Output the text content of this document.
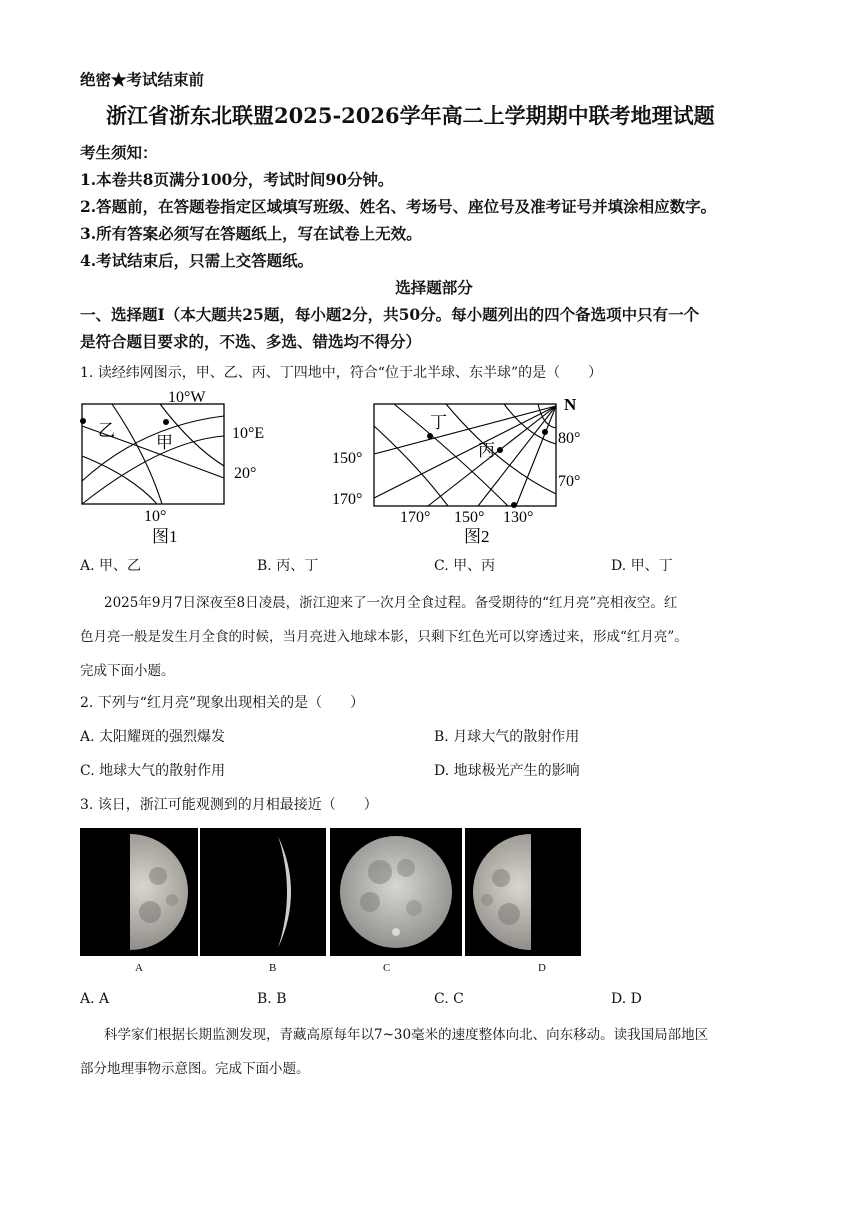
绝密★考试结束前
浙江省浙东北联盟2025-2026学年高二上学期期中联考地理试题
考生须知：
1.本卷共8页满分100分，考试时间90分钟。
2.答题前，在答题卷指定区域填写班级、姓名、考场号、座位号及准考证号并填涂相应数字。
3.所有答案必须写在答题纸上，写在试卷上无效。
4.考试结束后，只需上交答题纸。
选择题部分
一、选择题I（本大题共25题，每小题2分，共50分。每小题列出的四个备选项中只有一个
是符合题目要求的，不选、多选、错选均不得分）
1. 读经纬网图示，甲、乙、丙、丁四地中，符合“位于北半球、东半球”的是（　　）
10°W
10°E
20°
10°
乙
甲
图1
N
80°
70°
150°
170°
170° 150° 130°
丁
丙
图2
A. 甲、乙	B. 丙、丁	C. 甲、丙	D. 甲、丁
2025年9月7日深夜至8日凌晨，浙江迎来了一次月全食过程。备受期待的“红月亮”亮相夜空。红
色月亮一般是发生月全食的时候，当月亮进入地球本影，只剩下红色光可以穿透过来，形成“红月亮”。
完成下面小题。
2. 下列与“红月亮”现象出现相关的是（　　）
A. 太阳耀斑的强烈爆发	B. 月球大气的散射作用
C. 地球大气的散射作用	D. 地球极光产生的影响
3. 该日，浙江可能观测到的月相最接近（　　）
A	B	C	D
A. A	B. B	C. C	D. D
科学家们根据长期监测发现，青藏高原每年以7~30毫米的速度整体向北、向东移动。读我国局部地区
部分地理事物示意图。完成下面小题。
